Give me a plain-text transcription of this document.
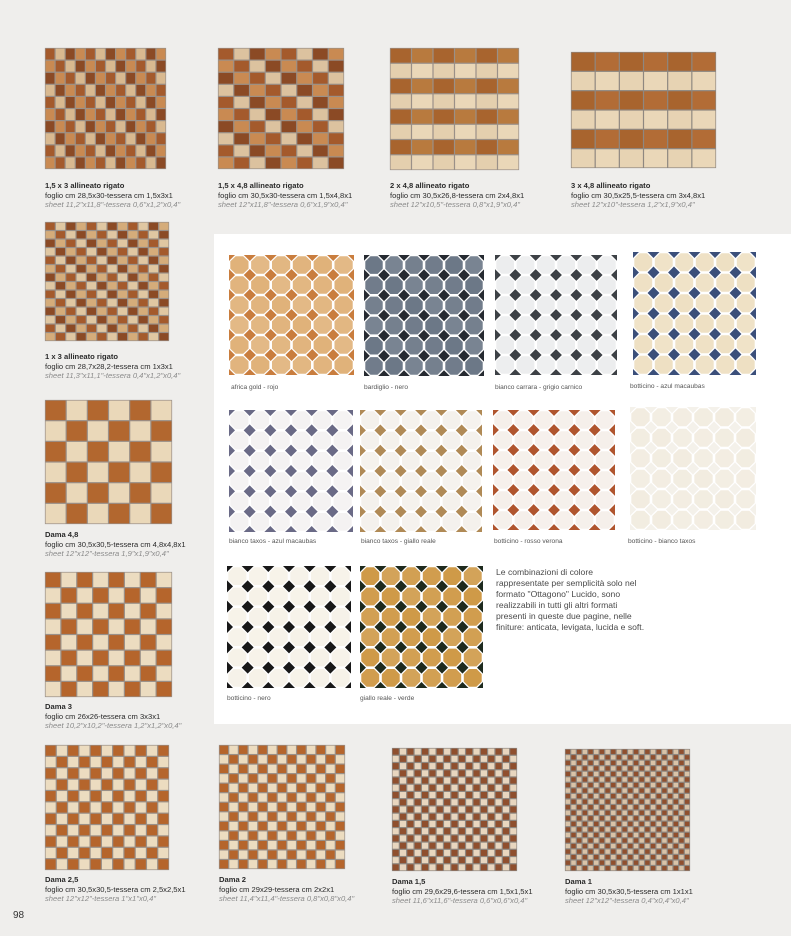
1,5 x 3 allineato rigato
foglio cm 28,5x30-tessera cm 1,5x3x1
sheet 11,2"x11,8"-tessera 0,6"x1,2"x0,4"
1,5 x 4,8 allineato rigato
foglio cm 30,5x30-tessera cm 1,5x4,8x1
sheet 12"x11,8"-tessera 0,6"x1,9"x0,4"
2 x 4,8 allineato rigato
foglio cm 30,5x26,8-tessera cm 2x4,8x1
sheet 12"x10,5"-tessera 0,8"x1,9"x0,4"
3 x 4,8 allineato rigato
foglio cm 30,5x25,5-tessera cm 3x4,8x1
sheet 12"x10"-tessera 1,2"x1,9"x0,4"
1 x 3 allineato rigato
foglio cm 28,7x28,2-tessera cm 1x3x1
sheet 11,3"x11,1"-tessera 0,4"x1,2"x0,4"
Dama 4,8
foglio cm 30,5x30,5-tessera cm 4,8x4,8x1
sheet 12"x12"-tessera 1,9"x1,9"x0,4"
Dama 3
foglio cm 26x26-tessera cm 3x3x1
sheet 10,2"x10,2"-tessera 1,2"x1,2"x0,4"
Dama 2,5
foglio cm 30,5x30,5-tessera cm 2,5x2,5x1
sheet 12"x12"-tessera 1"x1"x0,4"
Dama 2
foglio cm 29x29-tessera cm 2x2x1
sheet 11,4"x11,4"-tessera 0,8"x0,8"x0,4"
Dama 1,5
foglio cm 29,6x29,6-tessera cm 1,5x1,5x1
sheet 11,6"x11,6"-tessera 0,6"x0,6"x0,4"
Dama 1
foglio cm 30,5x30,5-tessera cm 1x1x1
sheet 12"x12"-tessera 0,4"x0,4"x0,4"
africa gold - rojo	bardiglio - nero	bianco carrara - grigio carnico	botticino - azul macaubas
bianco taxos - azul macaubas	bianco taxos - giallo reale	botticino - rosso verona	botticino - bianco taxos
botticino - nero	giallo reale - verde
Le combinazioni di colore rappresentate per semplicità solo nel formato "Ottagono" Lucido, sono realizzabili in tutti gli altri formati presenti in queste due pagine, nelle finiture: anticata, levigata, lucida e soft.
98
